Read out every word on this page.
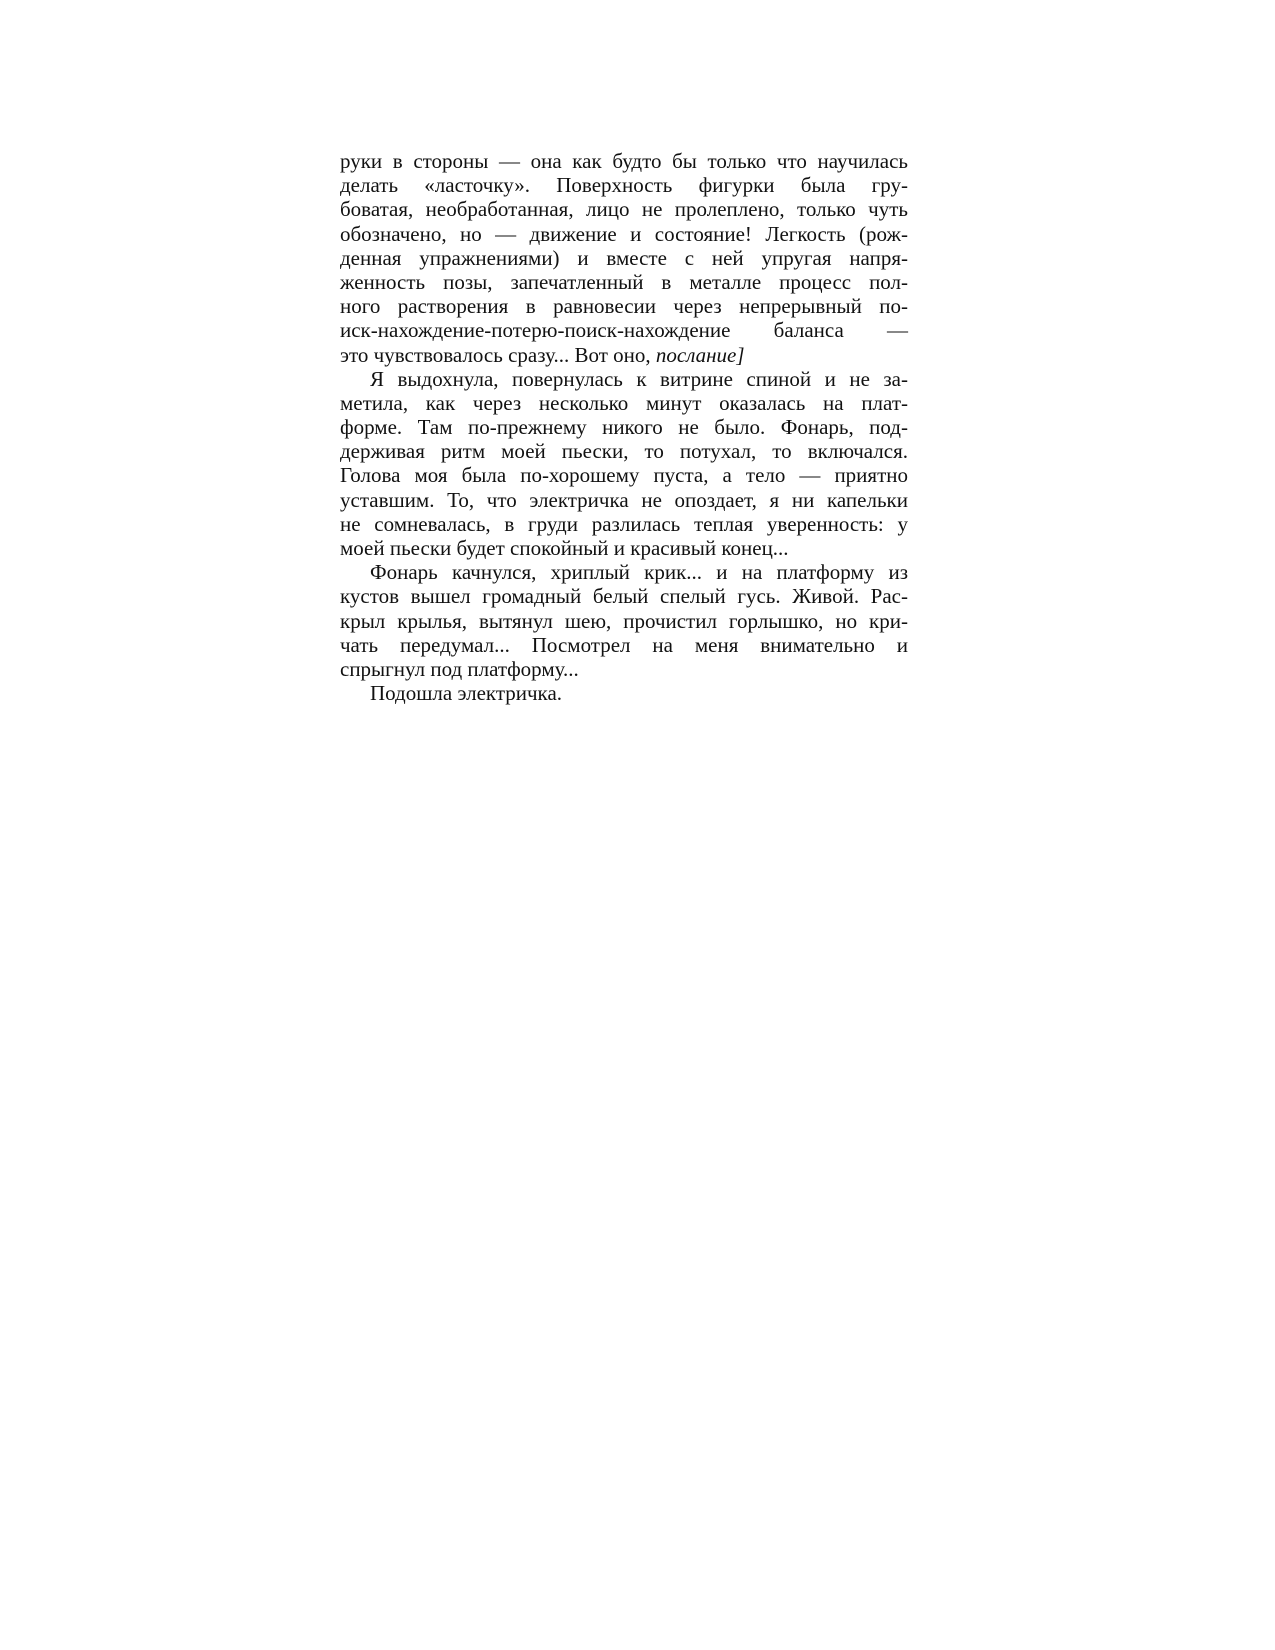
руки в стороны — она как будто бы только что научилась
делать «ласточку». Поверхность фигурки была гру-
боватая, необработанная, лицо не пролеплено, только чуть
обозначено, но — движение и состояние! Легкость (рож-
денная упражнениями) и вместе с ней упругая напря-
женность позы, запечатленный в металле процесс пол-
ного растворения в равновесии через непрерывный по-
иск-нахождение-потерю-поиск-нахождение баланса —
это чувствовалось сразу... Вот оно, послание]
Я выдохнула, повернулась к витрине спиной и не за-
метила, как через несколько минут оказалась на плат-
форме. Там по-прежнему никого не было. Фонарь, под-
держивая ритм моей пьески, то потухал, то включался.
Голова моя была по-хорошему пуста, а тело — приятно
уставшим. То, что электричка не опоздает, я ни капельки
не сомневалась, в груди разлилась теплая уверенность: у
моей пьески будет спокойный и красивый конец...
Фонарь качнулся, хриплый крик... и на платформу из
кустов вышел громадный белый спелый гусь. Живой. Рас-
крыл крылья, вытянул шею, прочистил горлышко, но кри-
чать передумал... Посмотрел на меня внимательно и
спрыгнул под платформу...
Подошла электричка.
